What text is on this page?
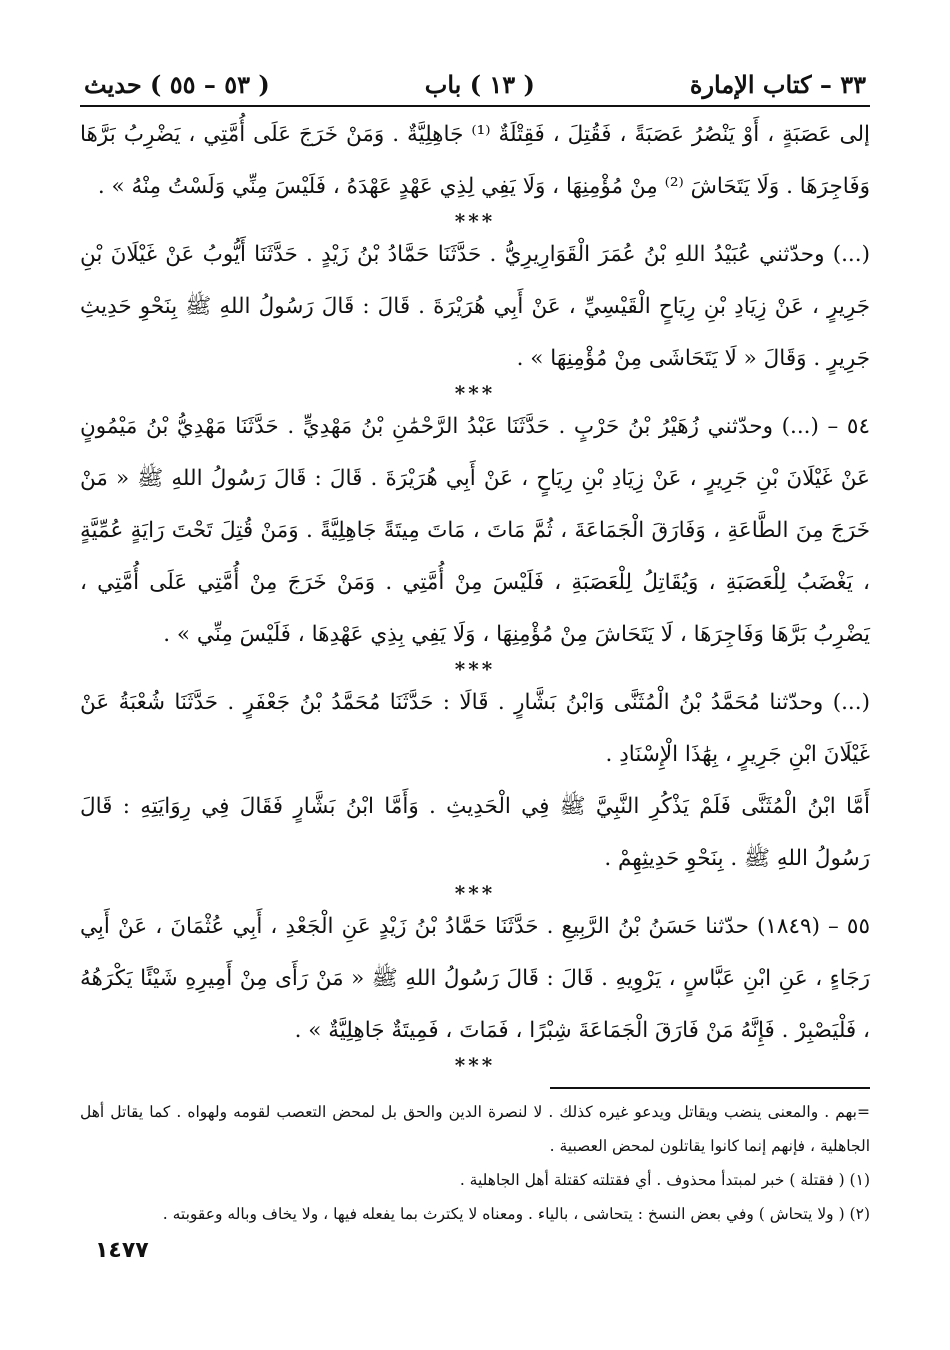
٣٣ – كتاب الإمارة
( ١٣ ) باب
( ٥٣ – ٥٥ ) حديث

إلى عَصَبَةٍ ، أَوْ يَنْصُرُ عَصَبَةً ، فَقُتِلَ ، فَقِتْلَةٌ ⁽¹⁾ جَاهِلِيَّةٌ . وَمَنْ خَرَجَ عَلَى أُمَّتِي ، يَضْرِبُ بَرَّهَا وَفَاجِرَهَا . وَلَا يَتَحَاشَ ⁽²⁾ مِنْ مُؤْمِنِهَا ، وَلَا يَفِي لِذِي عَهْدٍ عَهْدَهُ ، فَلَيْسَ مِنِّي وَلَسْتُ مِنْهُ » .

***

(...) وحدّثني عُبَيْدُ اللهِ بْنُ عُمَرَ الْقَوَارِيرِيُّ . حَدَّثَنَا حَمَّادُ بْنُ زَيْدٍ . حَدَّثَنَا أَيُّوبُ عَنْ غَيْلَانَ بْنِ جَرِيرٍ ، عَنْ زِيَادِ بْنِ رِيَاحٍ الْقَيْسِيِّ ، عَنْ أَبِي هُرَيْرَةَ . قَالَ : قَالَ رَسُولُ اللهِ ﷺ بِنَحْوِ حَدِيثِ جَرِيرٍ . وَقَالَ « لَا يَتَحَاشَى مِنْ مُؤْمِنِهَا » .

***

٥٤ – (...) وحدّثني زُهَيْرُ بْنُ حَرْبٍ . حَدَّثَنَا عَبْدُ الرَّحْمَٰنِ بْنُ مَهْدِيٍّ . حَدَّثَنَا مَهْدِيُّ بْنُ مَيْمُونٍ عَنْ غَيْلَانَ بْنِ جَرِيرٍ ، عَنْ زِيَادِ بْنِ رِيَاحٍ ، عَنْ أَبِي هُرَيْرَةَ . قَالَ : قَالَ رَسُولُ اللهِ ﷺ « مَنْ خَرَجَ مِنَ الطَّاعَةِ ، وَفَارَقَ الْجَمَاعَةَ ، ثُمَّ مَاتَ ، مَاتَ مِيتَةً جَاهِلِيَّةً . وَمَنْ قُتِلَ تَحْتَ رَايَةٍ عُمِّيَّةٍ ، يَغْضَبُ لِلْعَصَبَةِ ، وَيُقَاتِلُ لِلْعَصَبَةِ ، فَلَيْسَ مِنْ أُمَّتِي . وَمَنْ خَرَجَ مِنْ أُمَّتِي عَلَى أُمَّتِي ، يَضْرِبُ بَرَّهَا وَفَاجِرَهَا ، لَا يَتَحَاشَ مِنْ مُؤْمِنِهَا ، وَلَا يَفِي بِذِي عَهْدِهَا ، فَلَيْسَ مِنِّي » .

***

(...) وحدّثنا مُحَمَّدُ بْنُ الْمُثَنَّى وَابْنُ بَشَّارٍ . قَالَا : حَدَّثَنَا مُحَمَّدُ بْنُ جَعْفَرٍ . حَدَّثَنَا شُعْبَةُ عَنْ غَيْلَانَ ابْنِ جَرِيرٍ ، بِهَٰذَا الْإِسْنَادِ .

أَمَّا ابْنُ الْمُثَنَّى فَلَمْ يَذْكُرِ النَّبِيَّ ﷺ فِي الْحَدِيثِ . وَأَمَّا ابْنُ بَشَّارٍ فَقَالَ فِي رِوَايَتِهِ : قَالَ رَسُولُ اللهِ ﷺ . بِنَحْوِ حَدِيثِهِمْ .

***

٥٥ – (١٨٤٩) حدّثنا حَسَنُ بْنُ الرَّبِيعِ . حَدَّثَنَا حَمَّادُ بْنُ زَيْدٍ عَنِ الْجَعْدِ ، أَبِي عُثْمَانَ ، عَنْ أَبِي رَجَاءٍ ، عَنِ ابْنِ عَبَّاسٍ ، يَرْوِيهِ . قَالَ : قَالَ رَسُولُ اللهِ ﷺ « مَنْ رَأَى مِنْ أَمِيرِهِ شَيْئًا يَكْرَهُهُ ، فَلْيَصْبِرْ . فَإِنَّهُ مَنْ فَارَقَ الْجَمَاعَةَ شِبْرًا ، فَمَاتَ ، فَمِيتَةٌ جَاهِلِيَّةٌ » .

***

=بهم . والمعنى ينضب ويقاتل ويدعو غيره كذلك . لا لنصرة الدين والحق بل لمحض التعصب لقومه ولهواه . كما يقاتل أهل الجاهلية ، فإنهم إنما كانوا يقاتلون لمحض العصبية .

(١) ( فقتلة ) خبر لمبتدأ محذوف . أي فقتلته كقتلة أهل الجاهلية .

(٢) ( ولا يتحاش ) وفي بعض النسخ : يتحاشى ، بالياء . ومعناه لا يكترث بما يفعله فيها ، ولا يخاف وباله وعقوبته .

١٤٧٧
